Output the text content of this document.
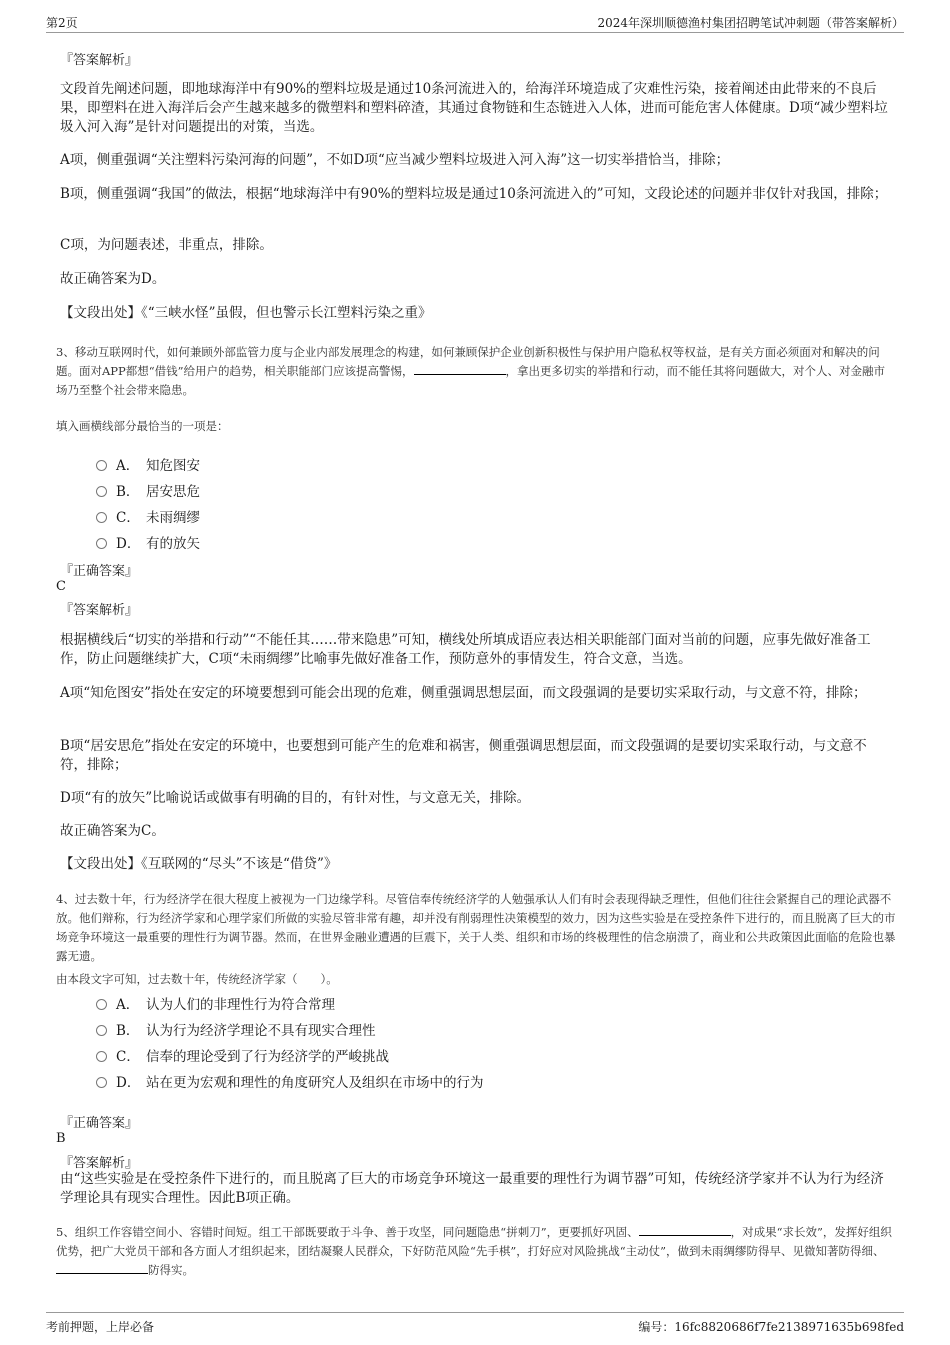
第2页	2024年深圳顺德渔村集团招聘笔试冲刺题（带答案解析）
『答案解析』

文段首先阐述问题，即地球海洋中有90%的塑料垃圾是通过10条河流进入的，给海洋环境造成了灾难性污染，接着阐述由此带来的不良后果，即塑料在进入海洋后会产生越来越多的微塑料和塑料碎渣，其通过食物链和生态链进入人体，进而可能危害人体健康。D项“减少塑料垃圾入河入海”是针对问题提出的对策，当选。

A项，侧重强调“关注塑料污染河海的问题”，不如D项“应当减少塑料垃圾进入河入海”这一切实举措恰当，排除；

B项，侧重强调“我国”的做法，根据“地球海洋中有90%的塑料垃圾是通过10条河流进入的”可知，文段论述的问题并非仅针对我国，排除；

C项，为问题表述，非重点，排除。

故正确答案为D。

【文段出处】《“三峡水怪”虽假，但也警示长江塑料污染之重》

3、移动互联网时代，如何兼顾外部监管力度与企业内部发展理念的构建，如何兼顾保护企业创新积极性与保护用户隐私权等权益，是有关方面必须面对和解决的问题。面对APP都想“借钱”给用户的趋势，相关职能部门应该提高警惕，	，拿出更多切实的举措和行动，而不能任其将问题做大，对个人、对金融市场乃至整个社会带来隐患。

填入画横线部分最恰当的一项是：

A． 知危图安
B． 居安思危
C． 未雨绸缪
D． 有的放矢
『正确答案』
C
『答案解析』

根据横线后“切实的举措和行动”“不能任其……带来隐患”可知，横线处所填成语应表达相关职能部门面对当前的问题，应事先做好准备工作，防止问题继续扩大，C项“未雨绸缪”比喻事先做好准备工作，预防意外的事情发生，符合文意，当选。

A项“知危图安”指处在安定的环境要想到可能会出现的危难，侧重强调思想层面，而文段强调的是要切实采取行动，与文意不符，排除；

B项“居安思危”指处在安定的环境中，也要想到可能产生的危难和祸害，侧重强调思想层面，而文段强调的是要切实采取行动，与文意不符，排除；

D项“有的放矢”比喻说话或做事有明确的目的，有针对性，与文意无关，排除。

故正确答案为C。

【文段出处】《互联网的“尽头”不该是“借贷”》

4、过去数十年，行为经济学在很大程度上被视为一门边缘学科。尽管信奉传统经济学的人勉强承认人们有时会表现得缺乏理性，但他们往往会紧握自己的理论武器不放。他们辩称，行为经济学家和心理学家们所做的实验尽管非常有趣，却并没有削弱理性决策模型的效力，因为这些实验是在受控条件下进行的，而且脱离了巨大的市场竞争环境这一最重要的理性行为调节器。然而，在世界金融业遭遇的巨震下，关于人类、组织和市场的终极理性的信念崩溃了，商业和公共政策因此面临的危险也暴露无遗。

由本段文字可知，过去数十年，传统经济学家（　　）。

A． 认为人们的非理性行为符合常理
B． 认为行为经济学理论不具有现实合理性
C． 信奉的理论受到了行为经济学的严峻挑战
D． 站在更为宏观和理性的角度研究人及组织在市场中的行为
『正确答案』
B
『答案解析』

由“这些实验是在受控条件下进行的，而且脱离了巨大的市场竞争环境这一最重要的理性行为调节器”可知，传统经济学家并不认为行为经济学理论具有现实合理性。因此B项正确。

5、组织工作容错空间小、容错时间短。组工干部既要敢于斗争、善于攻坚，同问题隐患“拼刺刀”，更要抓好巩固、	，对成果“求长效”，发挥好组织优势，把广大党员干部和各方面人才组织起来，团结凝聚人民群众，下好防范风险“先手棋”，打好应对风险挑战“主动仗”，做到未雨绸缪防得早、见微知著防得细、防得实。

考前押题，上岸必备	编号：16fc8820686f7fe2138971635b698fed
